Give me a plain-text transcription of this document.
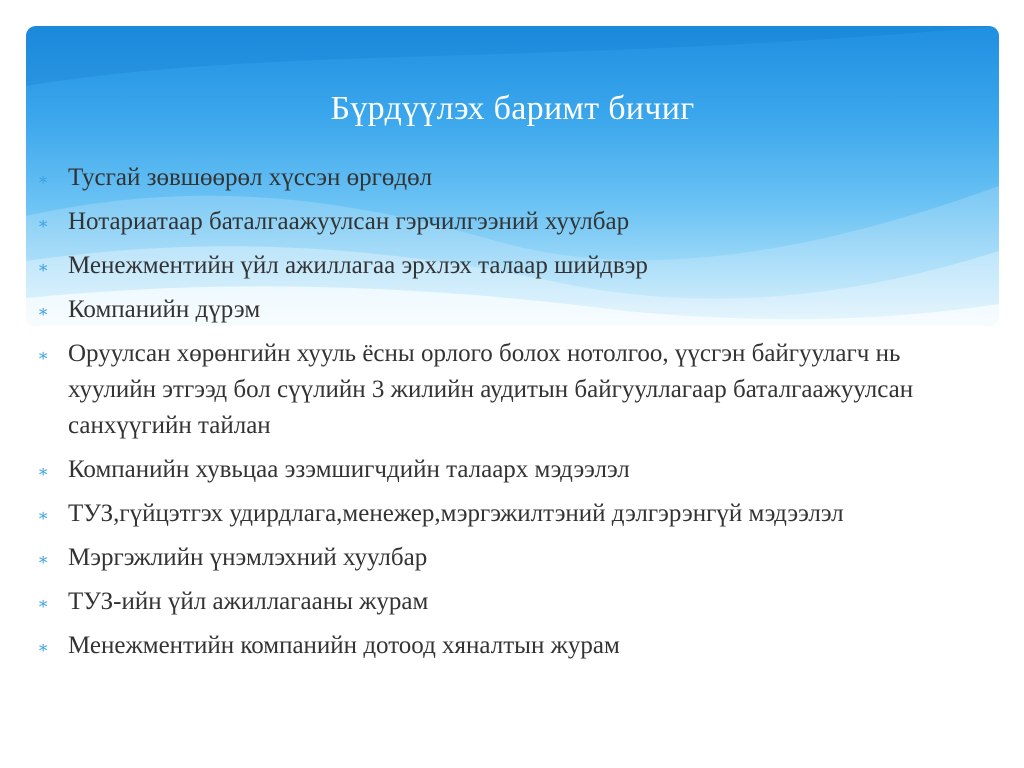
Бүрдүүлэх баримт бичиг
∗ Тусгай зөвшөөрөл хүссэн өргөдөл
∗ Нотариатаар баталгаажуулсан гэрчилгээний хуулбар
∗ Менежментийн үйл ажиллагаа эрхлэх талаар шийдвэр
∗ Компанийн дүрэм
∗ Оруулсан хөрөнгийн хууль ёсны орлого болох нотолгоо, үүсгэн байгуулагч нь хуулийн этгээд бол сүүлийн 3 жилийн аудитын байгууллагаар баталгаажуулсан санхүүгийн тайлан
∗ Компанийн хувьцаа эзэмшигчдийн талаарх мэдээлэл
∗ ТУЗ,гүйцэтгэх удирдлага,менежер,мэргэжилтэний дэлгэрэнгүй мэдээлэл
∗ Мэргэжлийн үнэмлэхний хуулбар
∗ ТУЗ-ийн үйл ажиллагааны журам
∗ Менежментийн компанийн дотоод хяналтын журам
